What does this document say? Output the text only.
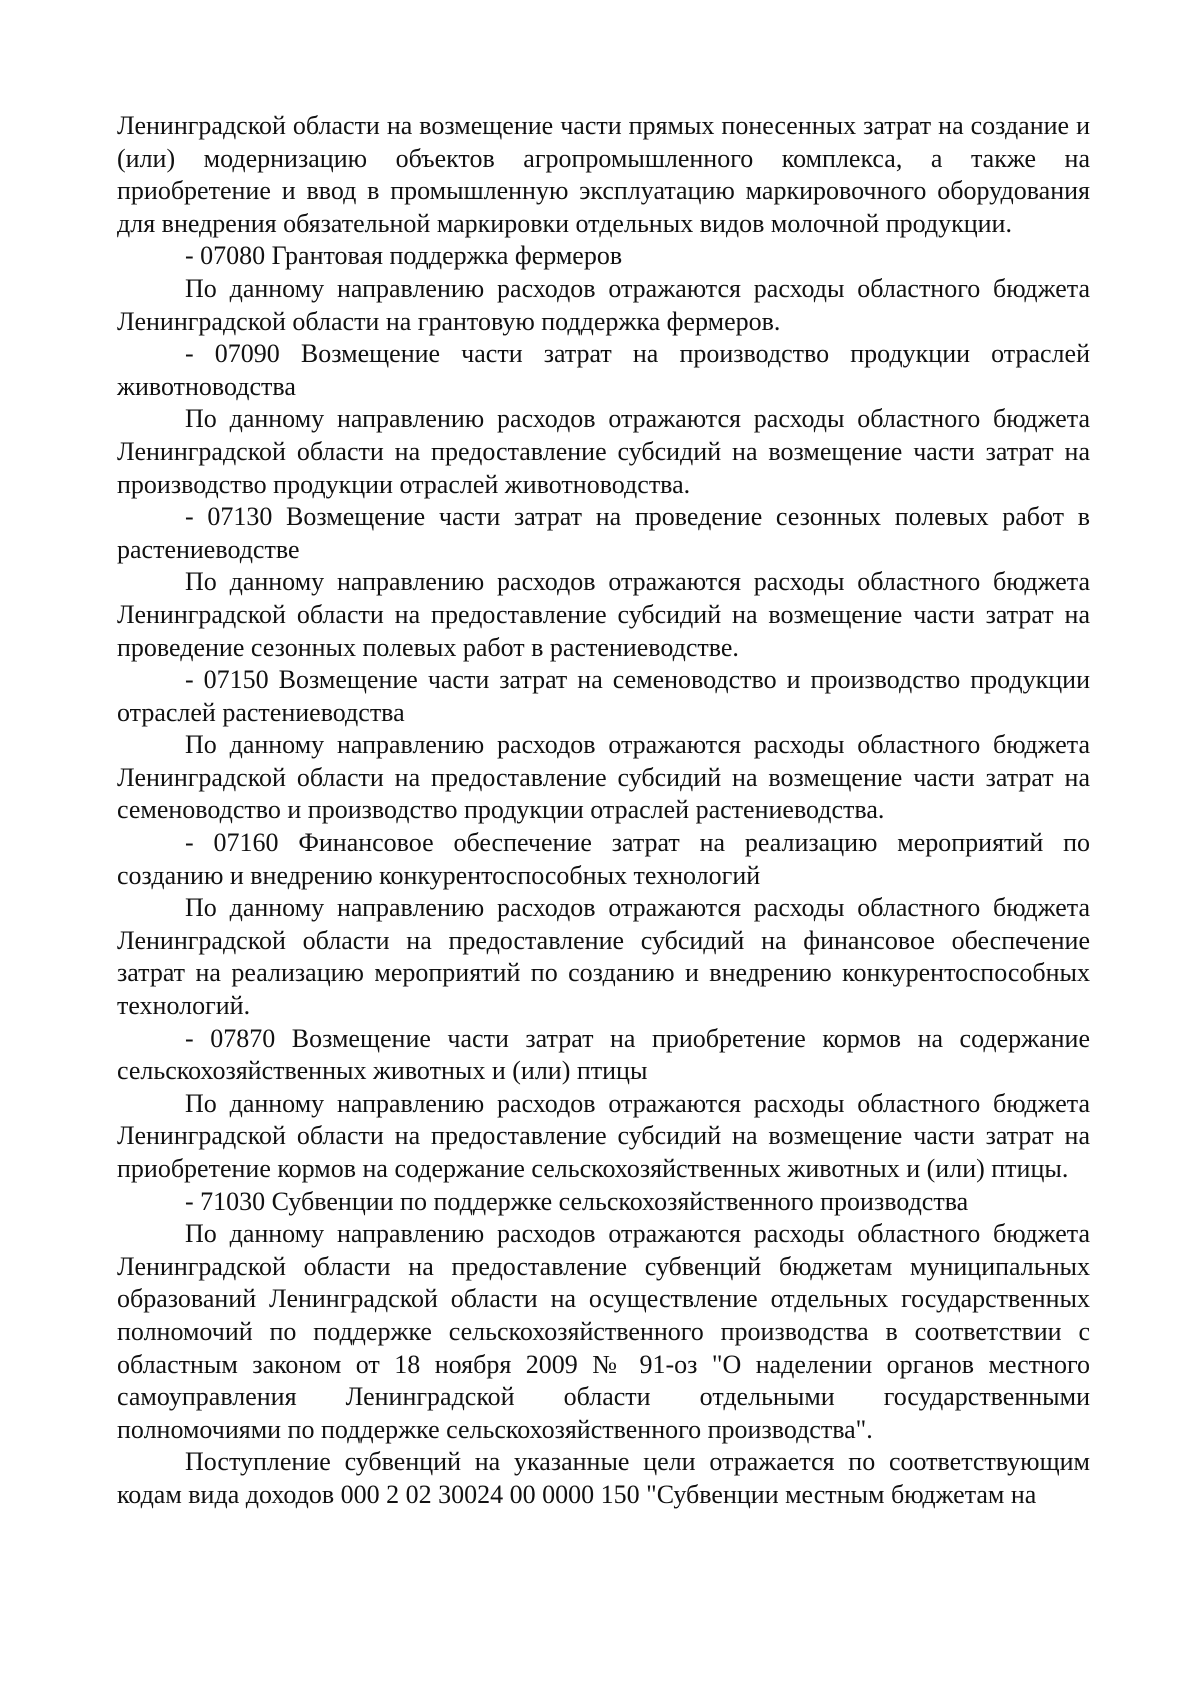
Ленинградской области на возмещение части прямых понесенных затрат на создание и (или) модернизацию объектов агропромышленного комплекса, а также на приобретение и ввод в промышленную эксплуатацию маркировочного оборудования для внедрения обязательной маркировки отдельных видов молочной продукции.

- 07080 Грантовая поддержка фермеров

По данному направлению расходов отражаются расходы областного бюджета Ленинградской области на грантовую поддержка фермеров.

- 07090 Возмещение части затрат на производство продукции отраслей животноводства

По данному направлению расходов отражаются расходы областного бюджета Ленинградской области на предоставление субсидий на возмещение части затрат на производство продукции отраслей животноводства.

- 07130 Возмещение части затрат на проведение сезонных полевых работ в растениеводстве

По данному направлению расходов отражаются расходы областного бюджета Ленинградской области на предоставление субсидий на возмещение части затрат на проведение сезонных полевых работ в растениеводстве.

- 07150 Возмещение части затрат на семеноводство и производство продукции отраслей растениеводства

По данному направлению расходов отражаются расходы областного бюджета Ленинградской области на предоставление субсидий на возмещение части затрат на семеноводство и производство продукции отраслей растениеводства.

- 07160 Финансовое обеспечение затрат на реализацию мероприятий по созданию и внедрению конкурентоспособных технологий

По данному направлению расходов отражаются расходы областного бюджета Ленинградской области на предоставление субсидий на финансовое обеспечение затрат на реализацию мероприятий по созданию и внедрению конкурентоспособных технологий.

- 07870 Возмещение части затрат на приобретение кормов на содержание сельскохозяйственных животных и (или) птицы

По данному направлению расходов отражаются расходы областного бюджета Ленинградской области на предоставление субсидий на возмещение части затрат на приобретение кормов на содержание сельскохозяйственных животных и (или) птицы.

- 71030 Субвенции по поддержке сельскохозяйственного производства

По данному направлению расходов отражаются расходы областного бюджета Ленинградской области на предоставление субвенций бюджетам муниципальных образований Ленинградской области на осуществление отдельных государственных полномочий по поддержке сельскохозяйственного производства в соответствии с областным законом от 18 ноября 2009 № 91-оз "О наделении органов местного самоуправления Ленинградской области отдельными государственными полномочиями по поддержке сельскохозяйственного производства".

Поступление субвенций на указанные цели отражается по соответствующим кодам вида доходов 000 2 02 30024 00 0000 150 "Субвенции местным бюджетам на
